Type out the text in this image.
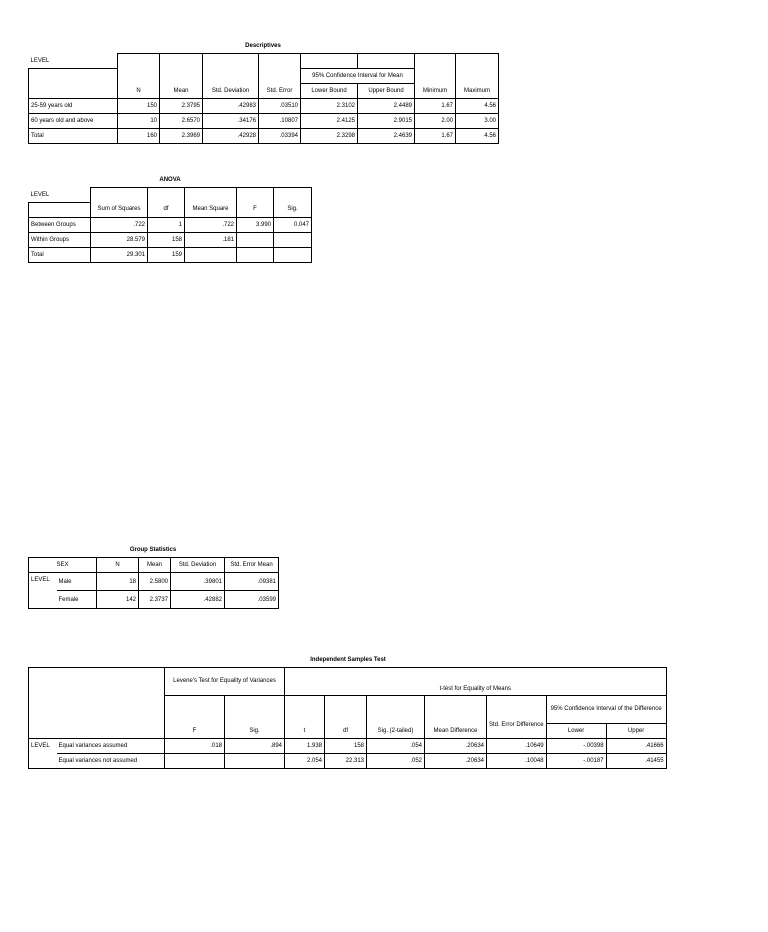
Descriptives
LEVEL								
					95% Confidence Interval for Mean			
	N	Mean	Std. Deviation	Std. Error	Lower Bound	Upper Bound	Minimum	Maximum
25-59 years old	150	2.3795	.42983	.03510	2.3102	2.4489	1.67	4.56
60 years old and above	10	2.6570	.34176	.10807	2.4125	2.9015	2.00	3.00
Total	160	2.3969	.42928	.03394	2.3298	2.4639	1.67	4.56
ANOVA
LEVEL					
	Sum of Squares	df	Mean Square	F	Sig.
Between Groups	.722	1	.722	3.990	0.047
Within Groups	28.579	158	.181		
Total	29.301	159			
Group Statistics
SEX		N	Mean	Std. Deviation	Std. Error Mean
LEVEL	Male	18	2.5800	.39801	.09381
	Female	142	2.3737	.42882	.03599
Independent Samples Test
		Levene's Test for Equality of Variances		t-test for Equality of Means						
									95% Confidence Interval of the Difference	
		F	Sig.	t	df	Sig. (2-tailed)	Mean Difference	Std. Error Difference	Lower	Upper
LEVEL	Equal variances assumed	.018	.894	1.938	158	.054	.20634	.10649	-.00398	.41666
	Equal variances not assumed			2.054	22.313	.052	.20634	.10048	-.00187	.41455
